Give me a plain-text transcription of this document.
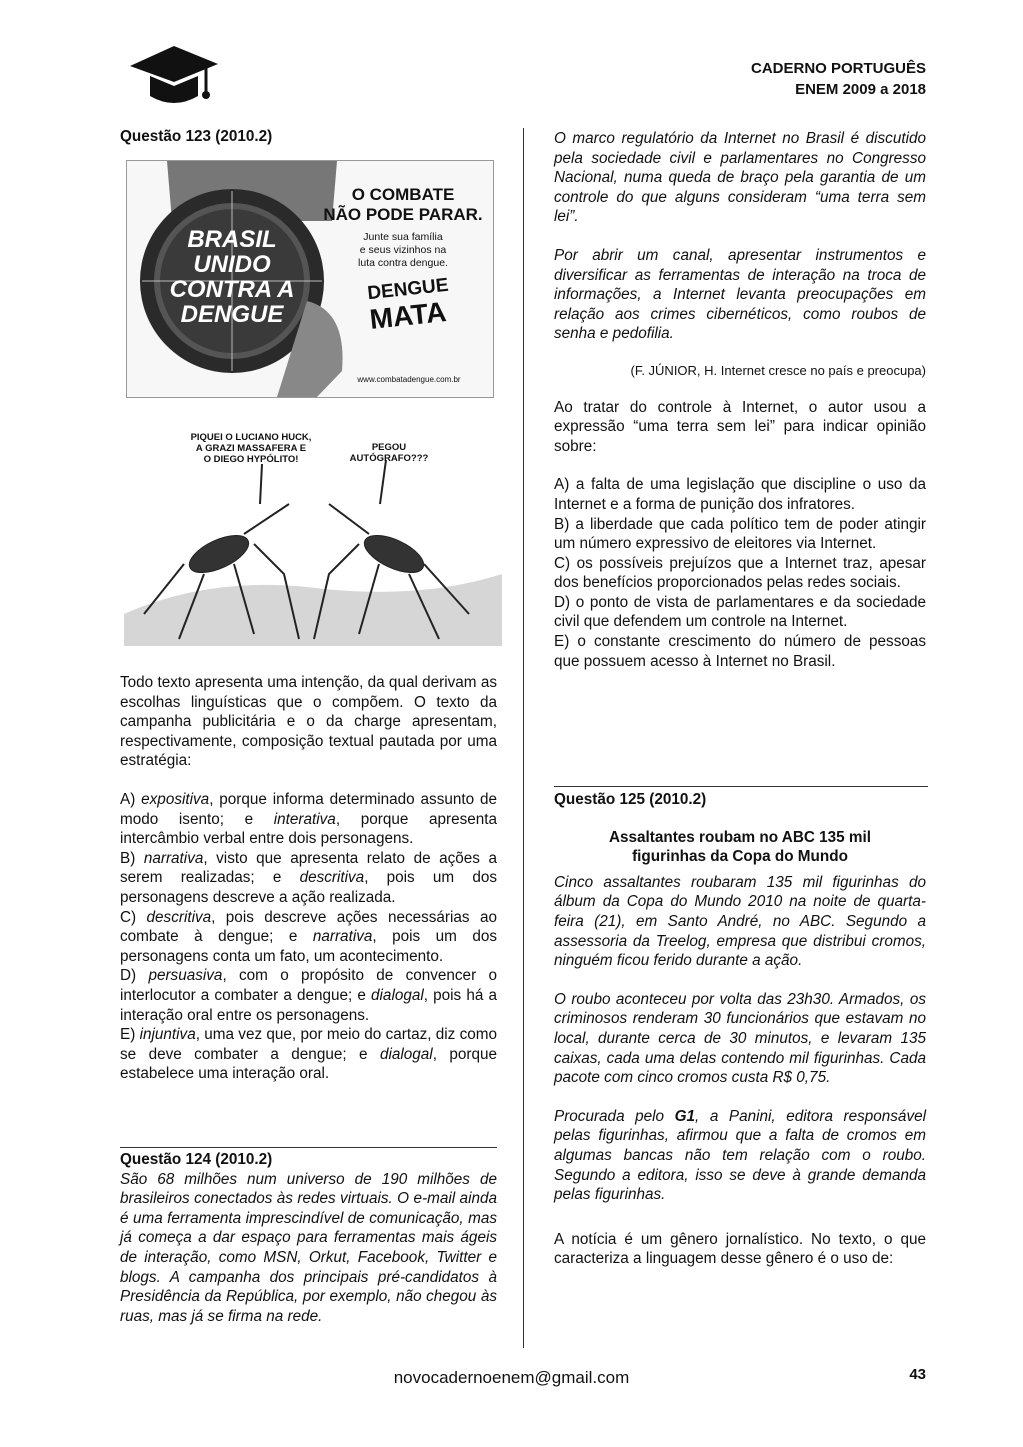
CADERNO PORTUGUÊS
ENEM 2009 a 2018
Questão 123 (2010.2)
BRASIL
UNIDO
CONTRA A
DENGUE
O COMBATE
NÃO PODE PARAR.
Junte sua família
e seus vizinhos na
luta contra dengue.
DENGUE
MATA
www.combatadengue.com.br
PIQUEI O LUCIANO HUCK,
A GRAZI MASSAFERA E
O DIEGO HYPÓLITO!
PEGOU
AUTÓGRAFO???

Todo texto apresenta uma intenção, da qual derivam as escolhas linguísticas que o compõem. O texto da campanha publicitária e o da charge apresentam, respectivamente, composição textual pautada por uma estratégia:

A) expositiva, porque informa determinado assunto de modo isento; e interativa, porque apresenta intercâmbio verbal entre dois personagens.

B) narrativa, visto que apresenta relato de ações a serem realizadas; e descritiva, pois um dos personagens descreve a ação realizada.

C) descritiva, pois descreve ações necessárias ao combate à dengue; e narrativa, pois um dos personagens conta um fato, um acontecimento.

D) persuasiva, com o propósito de convencer o interlocutor a combater a dengue; e dialogal, pois há a interação oral entre os personagens.

E) injuntiva, uma vez que, por meio do cartaz, diz como se deve combater a dengue; e dialogal, porque estabelece uma interação oral.

Questão 124 (2010.2)

São 68 milhões num universo de 190 milhões de brasileiros conectados às redes virtuais. O e-mail ainda é uma ferramenta imprescindível de comunicação, mas já começa a dar espaço para ferramentas mais ágeis de interação, como MSN, Orkut, Facebook, Twitter e blogs. A campanha dos principais pré-candidatos à Presidência da República, por exemplo, não chegou às ruas, mas já se firma na rede.

O marco regulatório da Internet no Brasil é discutido pela sociedade civil e parlamentares no Congresso Nacional, numa queda de braço pela garantia de um controle do que alguns consideram “uma terra sem lei”.

Por abrir um canal, apresentar instrumentos e diversificar as ferramentas de interação na troca de informações, a Internet levanta preocupações em relação aos crimes cibernéticos, como roubos de senha e pedofilia.

(F. JÚNIOR, H. Internet cresce no país e preocupa)

Ao tratar do controle à Internet, o autor usou a expressão “uma terra sem lei” para indicar opinião sobre:

A) a falta de uma legislação que discipline o uso da Internet e a forma de punição dos infratores.

B) a liberdade que cada político tem de poder atingir um número expressivo de eleitores via Internet.

C) os possíveis prejuízos que a Internet traz, apesar dos benefícios proporcionados pelas redes sociais.

D) o ponto de vista de parlamentares e da sociedade civil que defendem um controle na Internet.

E) o constante crescimento do número de pessoas que possuem acesso à Internet no Brasil.

Questão 125 (2010.2)

Assaltantes roubam no ABC 135 mil figurinhas da Copa do Mundo

Cinco assaltantes roubaram 135 mil figurinhas do álbum da Copa do Mundo 2010 na noite de quarta-feira (21), em Santo André, no ABC. Segundo a assessoria da Treelog, empresa que distribui cromos, ninguém ficou ferido durante a ação.

O roubo aconteceu por volta das 23h30. Armados, os criminosos renderam 30 funcionários que estavam no local, durante cerca de 30 minutos, e levaram 135 caixas, cada uma delas contendo mil figurinhas. Cada pacote com cinco cromos custa R$ 0,75.

Procurada pelo G1, a Panini, editora responsável pelas figurinhas, afirmou que a falta de cromos em algumas bancas não tem relação com o roubo. Segundo a editora, isso se deve à grande demanda pelas figurinhas.

A notícia é um gênero jornalístico. No texto, o que caracteriza a linguagem desse gênero é o uso de:

novocadernoenem@gmail.com	43
